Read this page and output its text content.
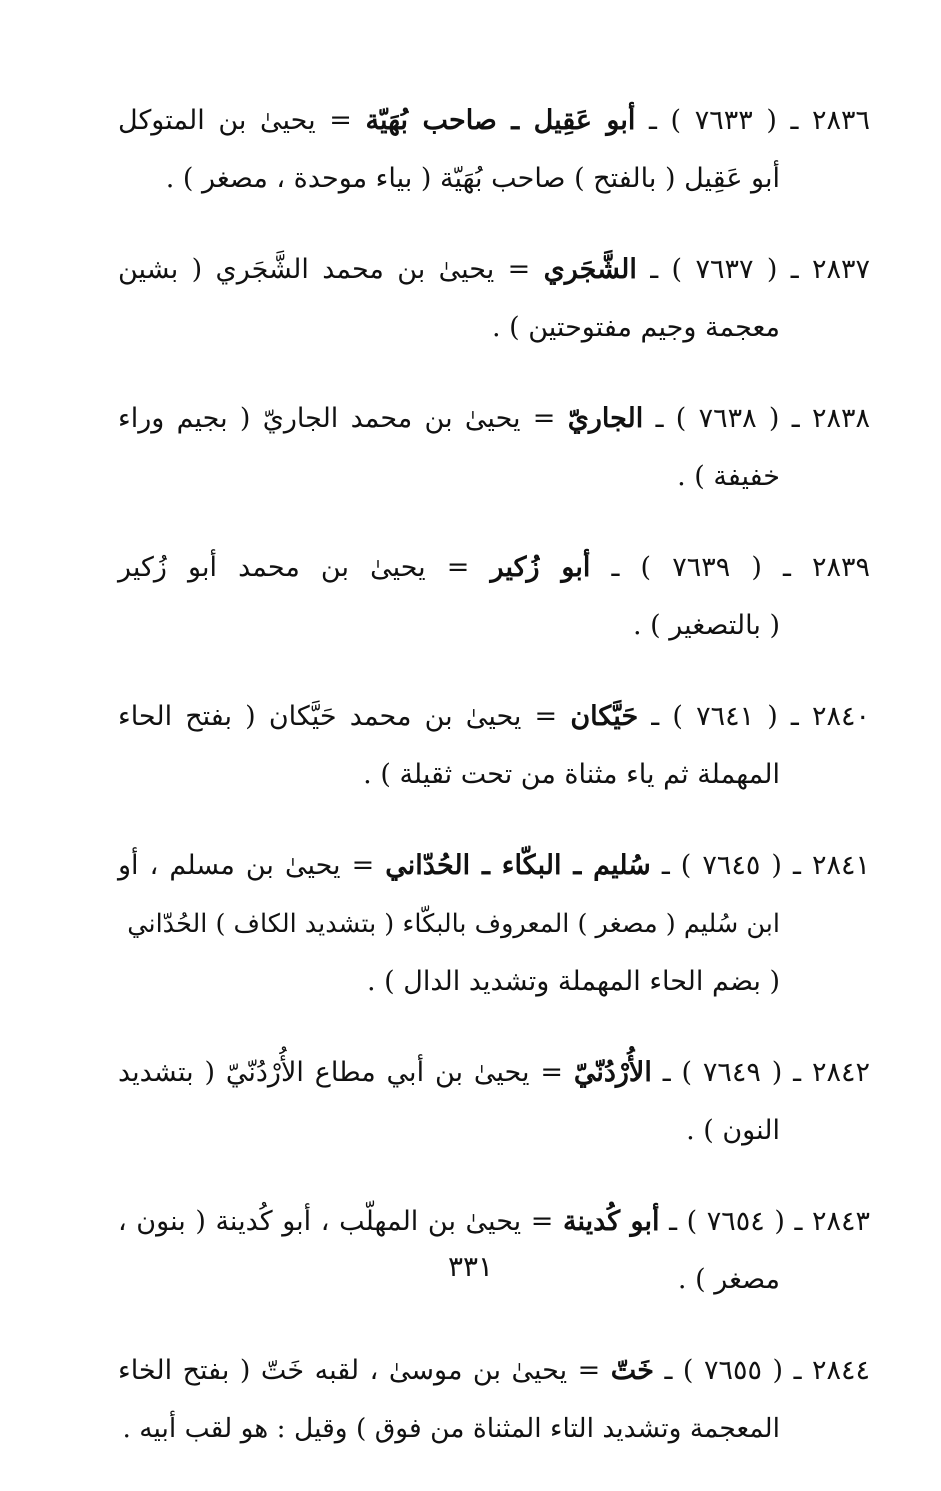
٢٨٣٦ ـ ( ٧٦٣٣ ) ـ أبو عَقِيل ـ صاحب بُهَيّة = يحيىٰ بن المتوكل
أبو عَقِيل ( بالفتح ) صاحب بُهَيّة ( بياء موحدة ، مصغر ) .
٢٨٣٧ ـ ( ٧٦٣٧ ) ـ الشَّجَري = يحيىٰ بن محمد الشَّجَري ( بشين
معجمة وجيم مفتوحتين ) .
٢٨٣٨ ـ ( ٧٦٣٨ ) ـ الجاريّ = يحيىٰ بن محمد الجاريّ ( بجيم وراء
خفيفة ) .
٢٨٣٩ ـ ( ٧٦٣٩ ) ـ أبو زُكير = يحيىٰ بن محمد أبو زُكير
( بالتصغير ) .
٢٨٤٠ ـ ( ٧٦٤١ ) ـ حَيَّكان = يحيىٰ بن محمد حَيَّكان ( بفتح الحاء
المهملة ثم ياء مثناة من تحت ثقيلة ) .
٢٨٤١ ـ ( ٧٦٤٥ ) ـ سُليم ـ البكّاء ـ الحُدّاني = يحيىٰ بن مسلم ، أو
ابن سُليم ( مصغر ) المعروف بالبكّاء ( بتشديد الكاف ) الحُدّاني
( بضم الحاء المهملة وتشديد الدال ) .
٢٨٤٢ ـ ( ٧٦٤٩ ) ـ الأُرْدُنّيّ = يحيىٰ بن أبي مطاع الأُرْدُنّيّ ( بتشديد
النون ) .
٢٨٤٣ ـ ( ٧٦٥٤ ) ـ أبو كُدينة = يحيىٰ بن المهلّب ، أبو كُدينة ( بنون ،
مصغر ) .
٢٨٤٤ ـ ( ٧٦٥٥ ) ـ خَتّ = يحيىٰ بن موسىٰ ، لقبه خَتّ ( بفتح الخاء
المعجمة وتشديد التاء المثناة من فوق ) وقيل : هو لقب أبيه .
٣٣١
